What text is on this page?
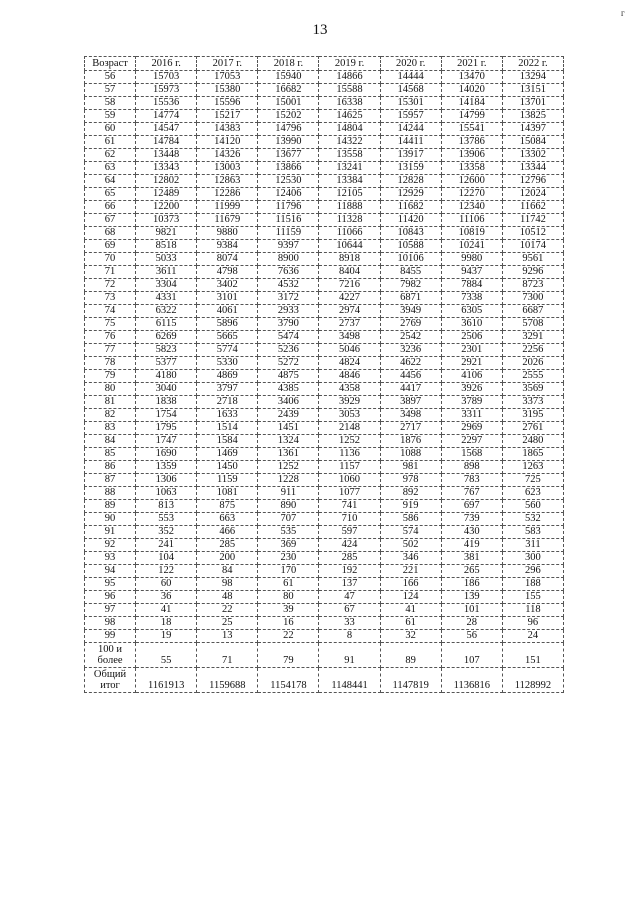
13
г
Возраст	2016 г.	2017 г.	2018 г.	2019 г.	2020 г.	2021 г.	2022 г.
56	15703	17053	15940	14866	14444	13470	13294
57	15973	15380	16682	15588	14568	14020	13151
58	15536	15596	15001	16338	15301	14184	13701
59	14774	15217	15202	14625	15957	14799	13825
60	14547	14383	14796	14804	14244	15541	14397
61	14784	14120	13990	14322	14411	13786	15084
62	13448	14326	13677	13558	13917	13906	13302
63	13343	13003	13866	13241	13159	13358	13344
64	12802	12863	12530	13384	12828	12600	12796
65	12489	12286	12406	12105	12929	12270	12024
66	12200	11999	11796	11888	11682	12340	11662
67	10373	11679	11516	11328	11420	11106	11742
68	9821	9880	11159	11066	10843	10819	10512
69	8518	9384	9397	10644	10588	10241	10174
70	5033	8074	8900	8918	10106	9980	9561
71	3611	4798	7636	8404	8455	9437	9296
72	3304	3402	4532	7216	7982	7884	8723
73	4331	3101	3172	4227	6871	7338	7300
74	6322	4061	2933	2974	3949	6305	6687
75	6115	5896	3790	2737	2769	3610	5708
76	6269	5665	5474	3498	2542	2506	3291
77	5823	5774	5236	5046	3236	2301	2256
78	5377	5330	5272	4824	4622	2921	2026
79	4180	4869	4875	4846	4456	4106	2555
80	3040	3797	4385	4358	4417	3926	3569
81	1838	2718	3406	3929	3897	3789	3373
82	1754	1633	2439	3053	3498	3311	3195
83	1795	1514	1451	2148	2717	2969	2761
84	1747	1584	1324	1252	1876	2297	2480
85	1690	1469	1361	1136	1088	1568	1865
86	1359	1450	1252	1157	981	898	1263
87	1306	1159	1228	1060	978	783	725
88	1063	1081	911	1077	892	767	623
89	813	875	890	741	919	697	560
90	553	663	707	710	586	739	532
91	352	466	535	597	574	430	583
92	241	285	369	424	502	419	311
93	104	200	230	285	346	381	300
94	122	84	170	192	221	265	296
95	60	98	61	137	166	186	188
96	36	48	80	47	124	139	155
97	41	22	39	67	41	101	118
98	18	25	16	33	61	28	96
99	19	13	22	8	32	56	24
100 и более	55	71	79	91	89	107	151
Общий итог	1161913	1159688	1154178	1148441	1147819	1136816	1128992
